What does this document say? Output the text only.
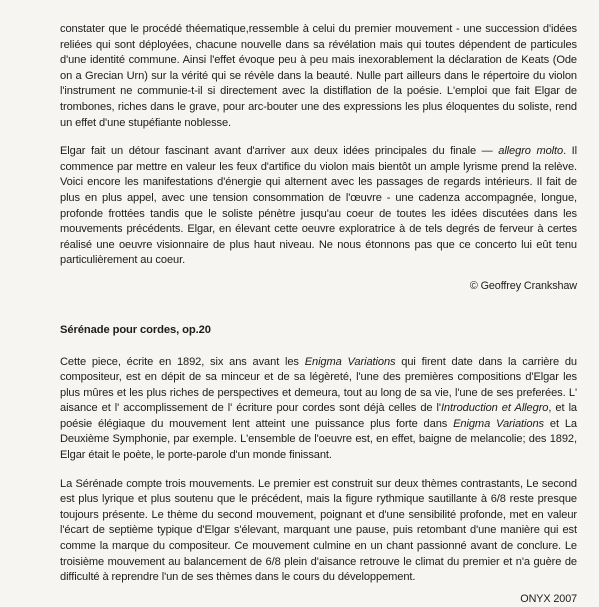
constater que le procédé théematique,ressemble à celui du premier mouvement - une succession d'idées reliées qui sont déployées, chacune nouvelle dans sa révélation mais qui toutes dépendent de particules d'une identité commune. Ainsi l'effet évoque peu à peu mais inexorablement la déclaration de Keats (Ode on a Grecian Urn) sur la vérité qui se révèle dans la beauté. Nulle part ailleurs dans le répertoire du violon l'instrument ne communie-t-il si directement avec la distiflation de la poésie. L'emploi que fait Elgar de trombones, riches dans le grave, pour arc-bouter une des expressions les plus éloquentes du soliste, rend un effet d'une stupéfiante noblesse.

Elgar fait un détour fascinant avant d'arriver aux deux idées principales du finale — allegro molto. Il commence par mettre en valeur les feux d'artifice du violon mais bientôt un ample lyrisme prend la relève. Voici encore les manifestations d'énergie qui alternent avec les passages de regards intérieurs. Il fait de plus en plus appel, avec une tension consommation de l'œuvre - une cadenza accompagnée, longue, profonde frottées tandis que le soliste pénètre jusqu'au coeur de toutes les idées discutées dans les mouvements précédents. Elgar, en élevant cette oeuvre exploratrice à de tels degrés de ferveur à certes réalisé une oeuvre visionnaire de plus haut niveau. Ne nous étonnons pas que ce concerto lui eût tenu particulièrement au coeur.

© Geoffrey Crankshaw

Sérénade pour cordes, op.20

Cette piece, écrite en 1892, six ans avant les Enigma Variations qui firent date dans la carrière du compositeur, est en dépit de sa minceur et de sa légèreté, l'une des premières compositions d'Elgar les plus mûres et les plus riches de perspectives et demeura, tout au long de sa vie, l'une de ses preferées. L' aisance et l' accomplissement de l' écriture pour cordes sont déjà celles de l'Introduction et Allegro, et la poésie élégiaque du mouvement lent atteint une puissance plus forte dans Enigma Variations et La Deuxième Symphonie, par exemple. L'ensemble de l'oeuvre est, en effet, baigne de melancolie; des 1892, Elgar était le poète, le porte-parole d'un monde finissant.

La Sérénade compte trois mouvements. Le premier est construit sur deux thèmes contrastants, Le second est plus lyrique et plus soutenu que le précédent, mais la figure rythmique sautillante à 6/8 reste presque toujours présente. Le thème du second mouvement, poignant et d'une sensibilité profonde, met en valeur l'écart de septième typique d'Elgar s'élevant, marquant une pause, puis retombant d'une manière qui est comme la marque du compositeur. Ce mouvement culmine en un chant passionné avant de conclure. Le troisième mouvement au balancement de 6/8 plein d'aisance retrouve le climat du premier et n'a guère de difficulté à reprendre l'un de ses thèmes dans le cours du développement.

ONYX 2007
